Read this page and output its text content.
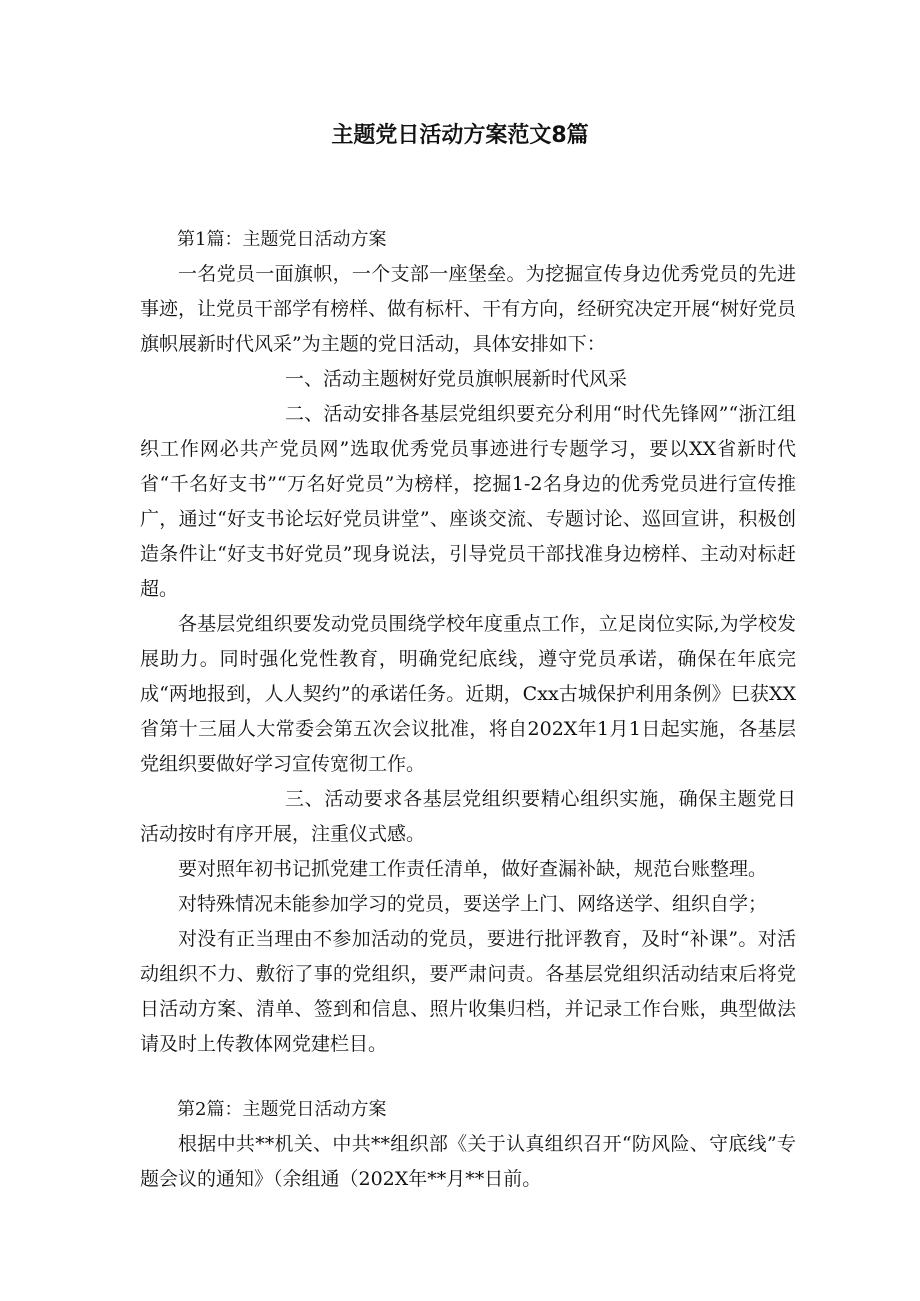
主题党日活动方案范文8篇
第1篇：主题党日活动方案

一名党员一面旗帜，一个支部一座堡垒。为挖掘宣传身边优秀党员的先进事迹，让党员干部学有榜样、做有标杆、干有方向，经研究决定开展“树好党员旗帜展新时代风采”为主题的党日活动，具体安排如下：

一、活动主题树好党员旗帜展新时代风采

二、活动安排各基层党组织要充分利用“时代先锋网”“浙江组织工作网必共产党员网”选取优秀党员事迹进行专题学习，要以XX省新时代省“千名好支书”“万名好党员”为榜样，挖掘1-2名身边的优秀党员进行宣传推广，通过“好支书论坛好党员讲堂”、座谈交流、专题讨论、巡回宣讲，积极创造条件让“好支书好党员”现身说法，引导党员干部找准身边榜样、主动对标赶超。

各基层党组织要发动党员围绕学校年度重点工作，立足岗位实际,为学校发展助力。同时强化党性教育，明确党纪底线，遵守党员承诺，确保在年底完成“两地报到，人人契约”的承诺任务。近期，Cxx古城保护利用条例》巳获XX省第十三届人大常委会第五次会议批准，将自202X年1月1日起实施，各基层党组织要做好学习宣传宽彻工作。

三、活动要求各基层党组织要精心组织实施，确保主题党日活动按时有序开展，注重仪式感。

要对照年初书记抓党建工作责任清单，做好查漏补缺，规范台账整理。

对特殊情况未能参加学习的党员，要送学上门、网络送学、组织自学；

对没有正当理由不参加活动的党员，要进行批评教育，及时“补课”。对活动组织不力、敷衍了事的党组织，要严肃问责。各基层党组织活动结束后将党日活动方案、清单、签到和信息、照片收集归档，并记录工作台账，典型做法请及时上传教体网党建栏目。

第2篇：主题党日活动方案

根据中共**机关、中共**组织部《关于认真组织召开“防风险、守底线”专题会议的通知》（余组通（202X年**月**日前。
